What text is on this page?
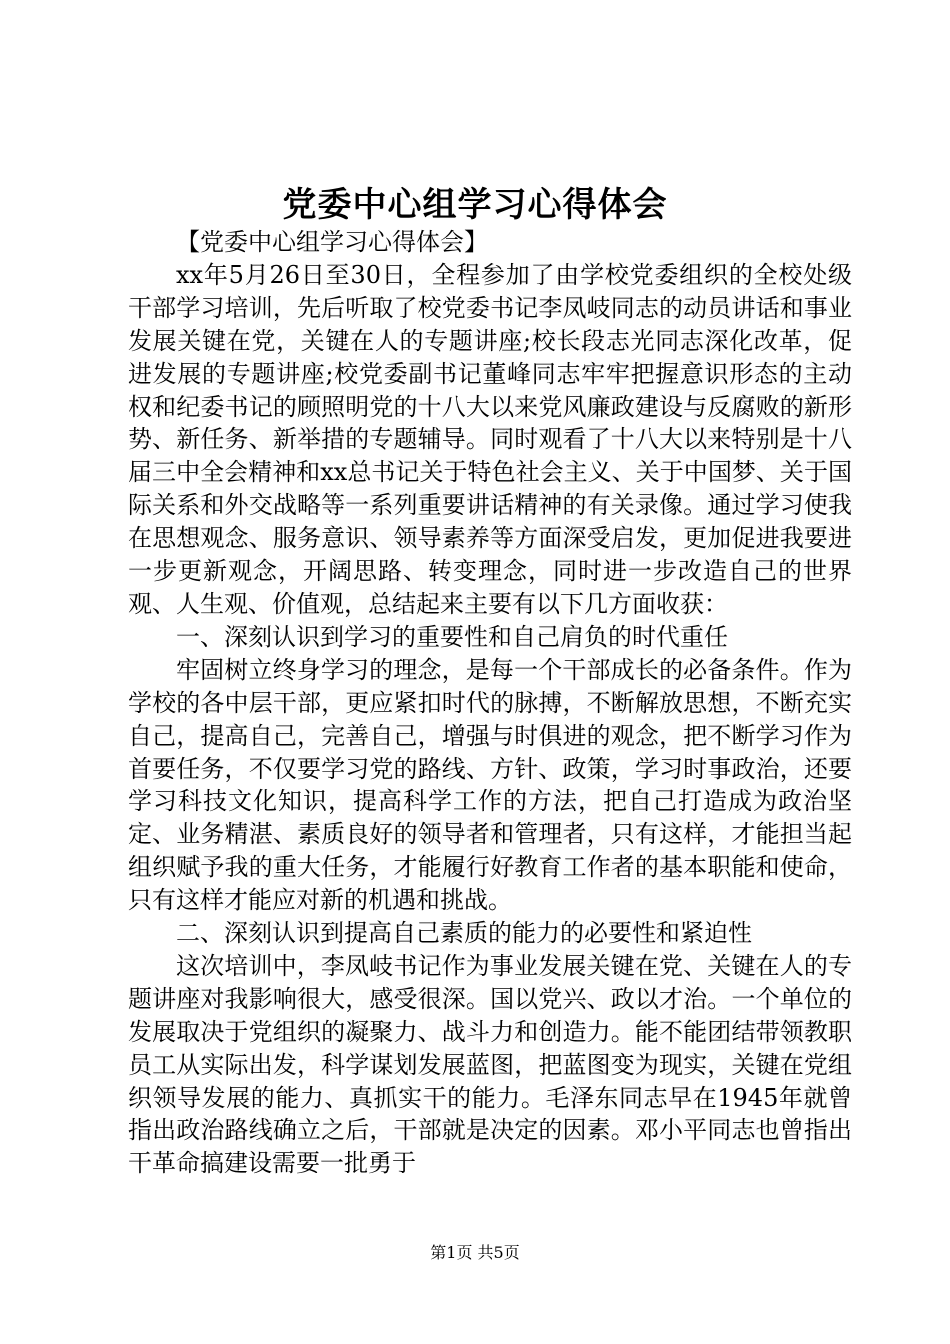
党委中心组学习心得体会

【党委中心组学习心得体会】

xx年5月26日至30日，全程参加了由学校党委组织的全校处级干部学习培训，先后听取了校党委书记李凤岐同志的动员讲话和事业发展关键在党，关键在人的专题讲座;校长段志光同志深化改革，促进发展的专题讲座;校党委副书记董峰同志牢牢把握意识形态的主动权和纪委书记的顾照明党的十八大以来党风廉政建设与反腐败的新形势、新任务、新举措的专题辅导。同时观看了十八大以来特别是十八届三中全会精神和xx总书记关于特色社会主义、关于中国梦、关于国际关系和外交战略等一系列重要讲话精神的有关录像。通过学习使我在思想观念、服务意识、领导素养等方面深受启发，更加促进我要进一步更新观念，开阔思路、转变理念，同时进一步改造自己的世界观、人生观、价值观，总结起来主要有以下几方面收获：

一、深刻认识到学习的重要性和自己肩负的时代重任

牢固树立终身学习的理念，是每一个干部成长的必备条件。作为学校的各中层干部，更应紧扣时代的脉搏，不断解放思想，不断充实自己，提高自己，完善自己，增强与时俱进的观念，把不断学习作为首要任务，不仅要学习党的路线、方针、政策，学习时事政治，还要学习科技文化知识，提高科学工作的方法，把自己打造成为政治坚定、业务精湛、素质良好的领导者和管理者，只有这样，才能担当起组织赋予我的重大任务，才能履行好教育工作者的基本职能和使命，只有这样才能应对新的机遇和挑战。

二、深刻认识到提高自己素质的能力的必要性和紧迫性

这次培训中，李凤岐书记作为事业发展关键在党、关键在人的专题讲座对我影响很大，感受很深。国以党兴、政以才治。一个单位的发展取决于党组织的凝聚力、战斗力和创造力。能不能团结带领教职员工从实际出发，科学谋划发展蓝图，把蓝图变为现实，关键在党组织领导发展的能力、真抓实干的能力。毛泽东同志早在1945年就曾指出政治路线确立之后，干部就是决定的因素。邓小平同志也曾指出干革命搞建设需要一批勇于

第1页 共5页
